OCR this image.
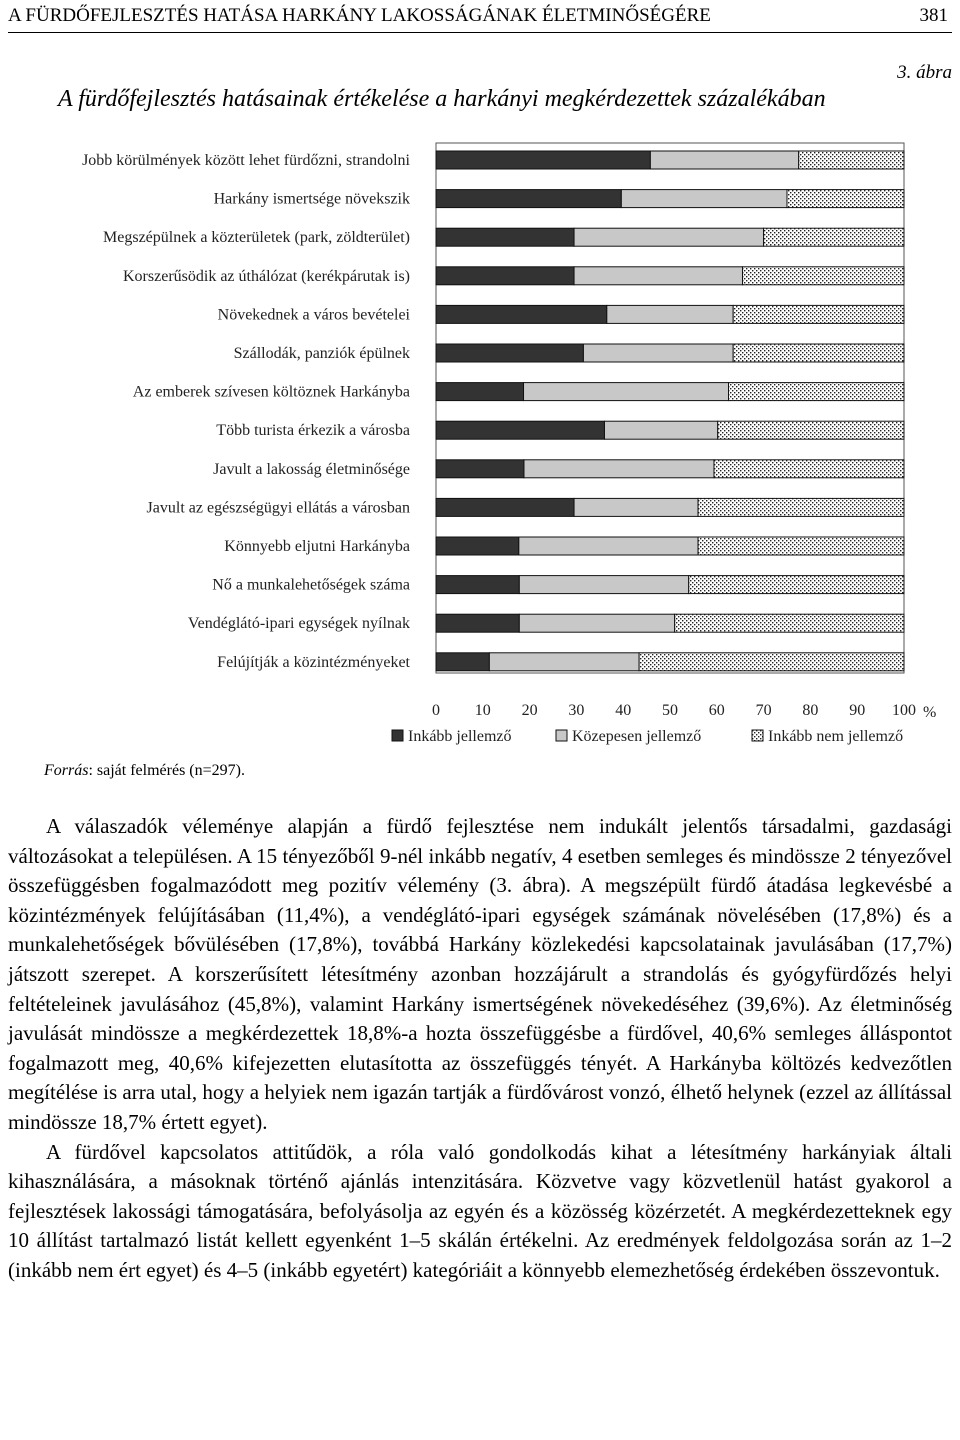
A FÜRDŐFEJLESZTÉS HATÁSA HARKÁNY LAKOSSÁGÁNAK ÉLETMINŐSÉGÉRE	381
3. ábra
A fürdőfejlesztés hatásainak értékelése a harkányi megkérdezettek százalékában
Jobb körülmények között lehet fürdőzni, strandolni
Harkány ismertsége növekszik
Megszépülnek a közterületek (park, zöldterület)
Korszerűsödik az úthálózat (kerékpárutak is)
Növekednek a város bevételei
Szállodák, panziók épülnek
Az emberek szívesen költöznek Harkányba
Több turista érkezik a városba
Javult a lakosság életminősége
Javult az egészségügyi ellátás a városban
Könnyebb eljutni Harkányba
Nő a munkalehetőségek száma
Vendéglátó-ipari egységek nyílnak
Felújítják a közintézményeket
0 10 20 30 40 50 60 70 80 90 100 %
Inkább jellemző	Közepesen jellemző	Inkább nem jellemző
Forrás: saját felmérés (n=297).

A válaszadók véleménye alapján a fürdő fejlesztése nem indukált jelentős társadalmi, gazdasági változásokat a településen. A 15 tényezőből 9-nél inkább negatív, 4 esetben semleges és mindössze 2 tényezővel összefüggésben fogalmazódott meg pozitív vélemény (3. ábra). A megszépült fürdő átadása legkevésbé a közintézmények felújításában (11,4%), a vendéglátó-ipari egységek számának növelésében (17,8%) és a munkalehetőségek bővülésében (17,8%), továbbá Harkány közlekedési kapcsolatainak javulásában (17,7%) játszott szerepet. A korszerűsített létesítmény azonban hozzájárult a strandolás és gyógyfürdőzés helyi feltételeinek javulásához (45,8%), valamint Harkány ismertségének növekedéséhez (39,6%). Az életminőség javulását mindössze a megkérdezettek 18,8%-a hozta összefüggésbe a fürdővel, 40,6% semleges álláspontot fogalmazott meg, 40,6% kifejezetten elutasította az összefüggés tényét. A Harkányba költözés kedvezőtlen megítélése is arra utal, hogy a helyiek nem igazán tartják a fürdővárost vonzó, élhető helynek (ezzel az állítással mindössze 18,7% értett egyet).

A fürdővel kapcsolatos attitűdök, a róla való gondolkodás kihat a létesítmény harkányiak általi kihasználására, a másoknak történő ajánlás intenzitására. Közvetve vagy közvetlenül hatást gyakorol a fejlesztések lakossági támogatására, befolyásolja az egyén és a közösség közérzetét. A megkérdezetteknek egy 10 állítást tartalmazó listát kellett egyenként 1–5 skálán értékelni. Az eredmények feldolgozása során az 1–2 (inkább nem ért egyet) és 4–5 (inkább egyetért) kategóriáit a könnyebb elemezhetőség érdekében összevontuk.
